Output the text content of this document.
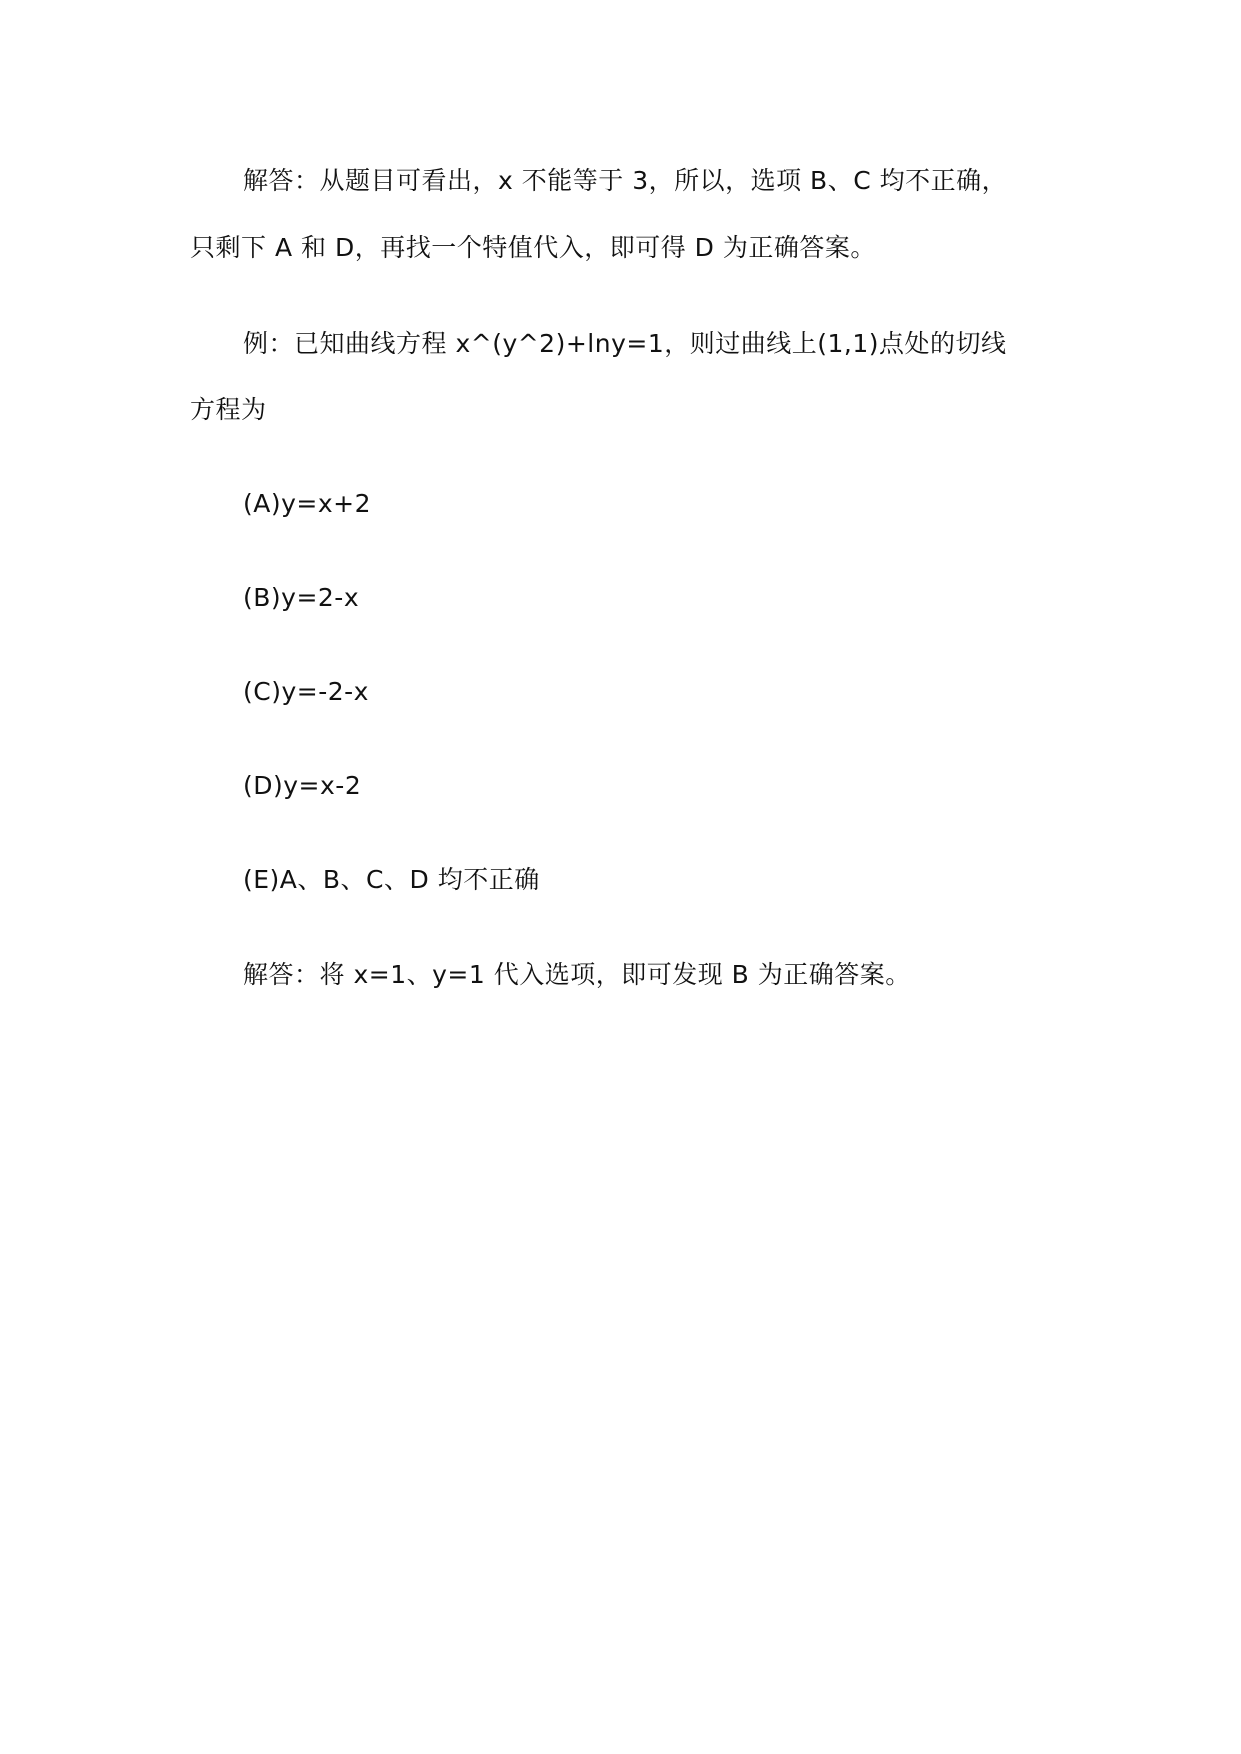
解答：从题目可看出，x 不能等于 3，所以，选项 B、C 均不正确，
只剩下 A 和 D，再找一个特值代入，即可得 D 为正确答案。
例：已知曲线方程 x^(y^2)+lny=1，则过曲线上(1,1)点处的切线
方程为
(A)y=x+2
(B)y=2-x
(C)y=-2-x
(D)y=x-2
(E)A、B、C、D 均不正确
解答：将 x=1、y=1 代入选项，即可发现 B 为正确答案。
